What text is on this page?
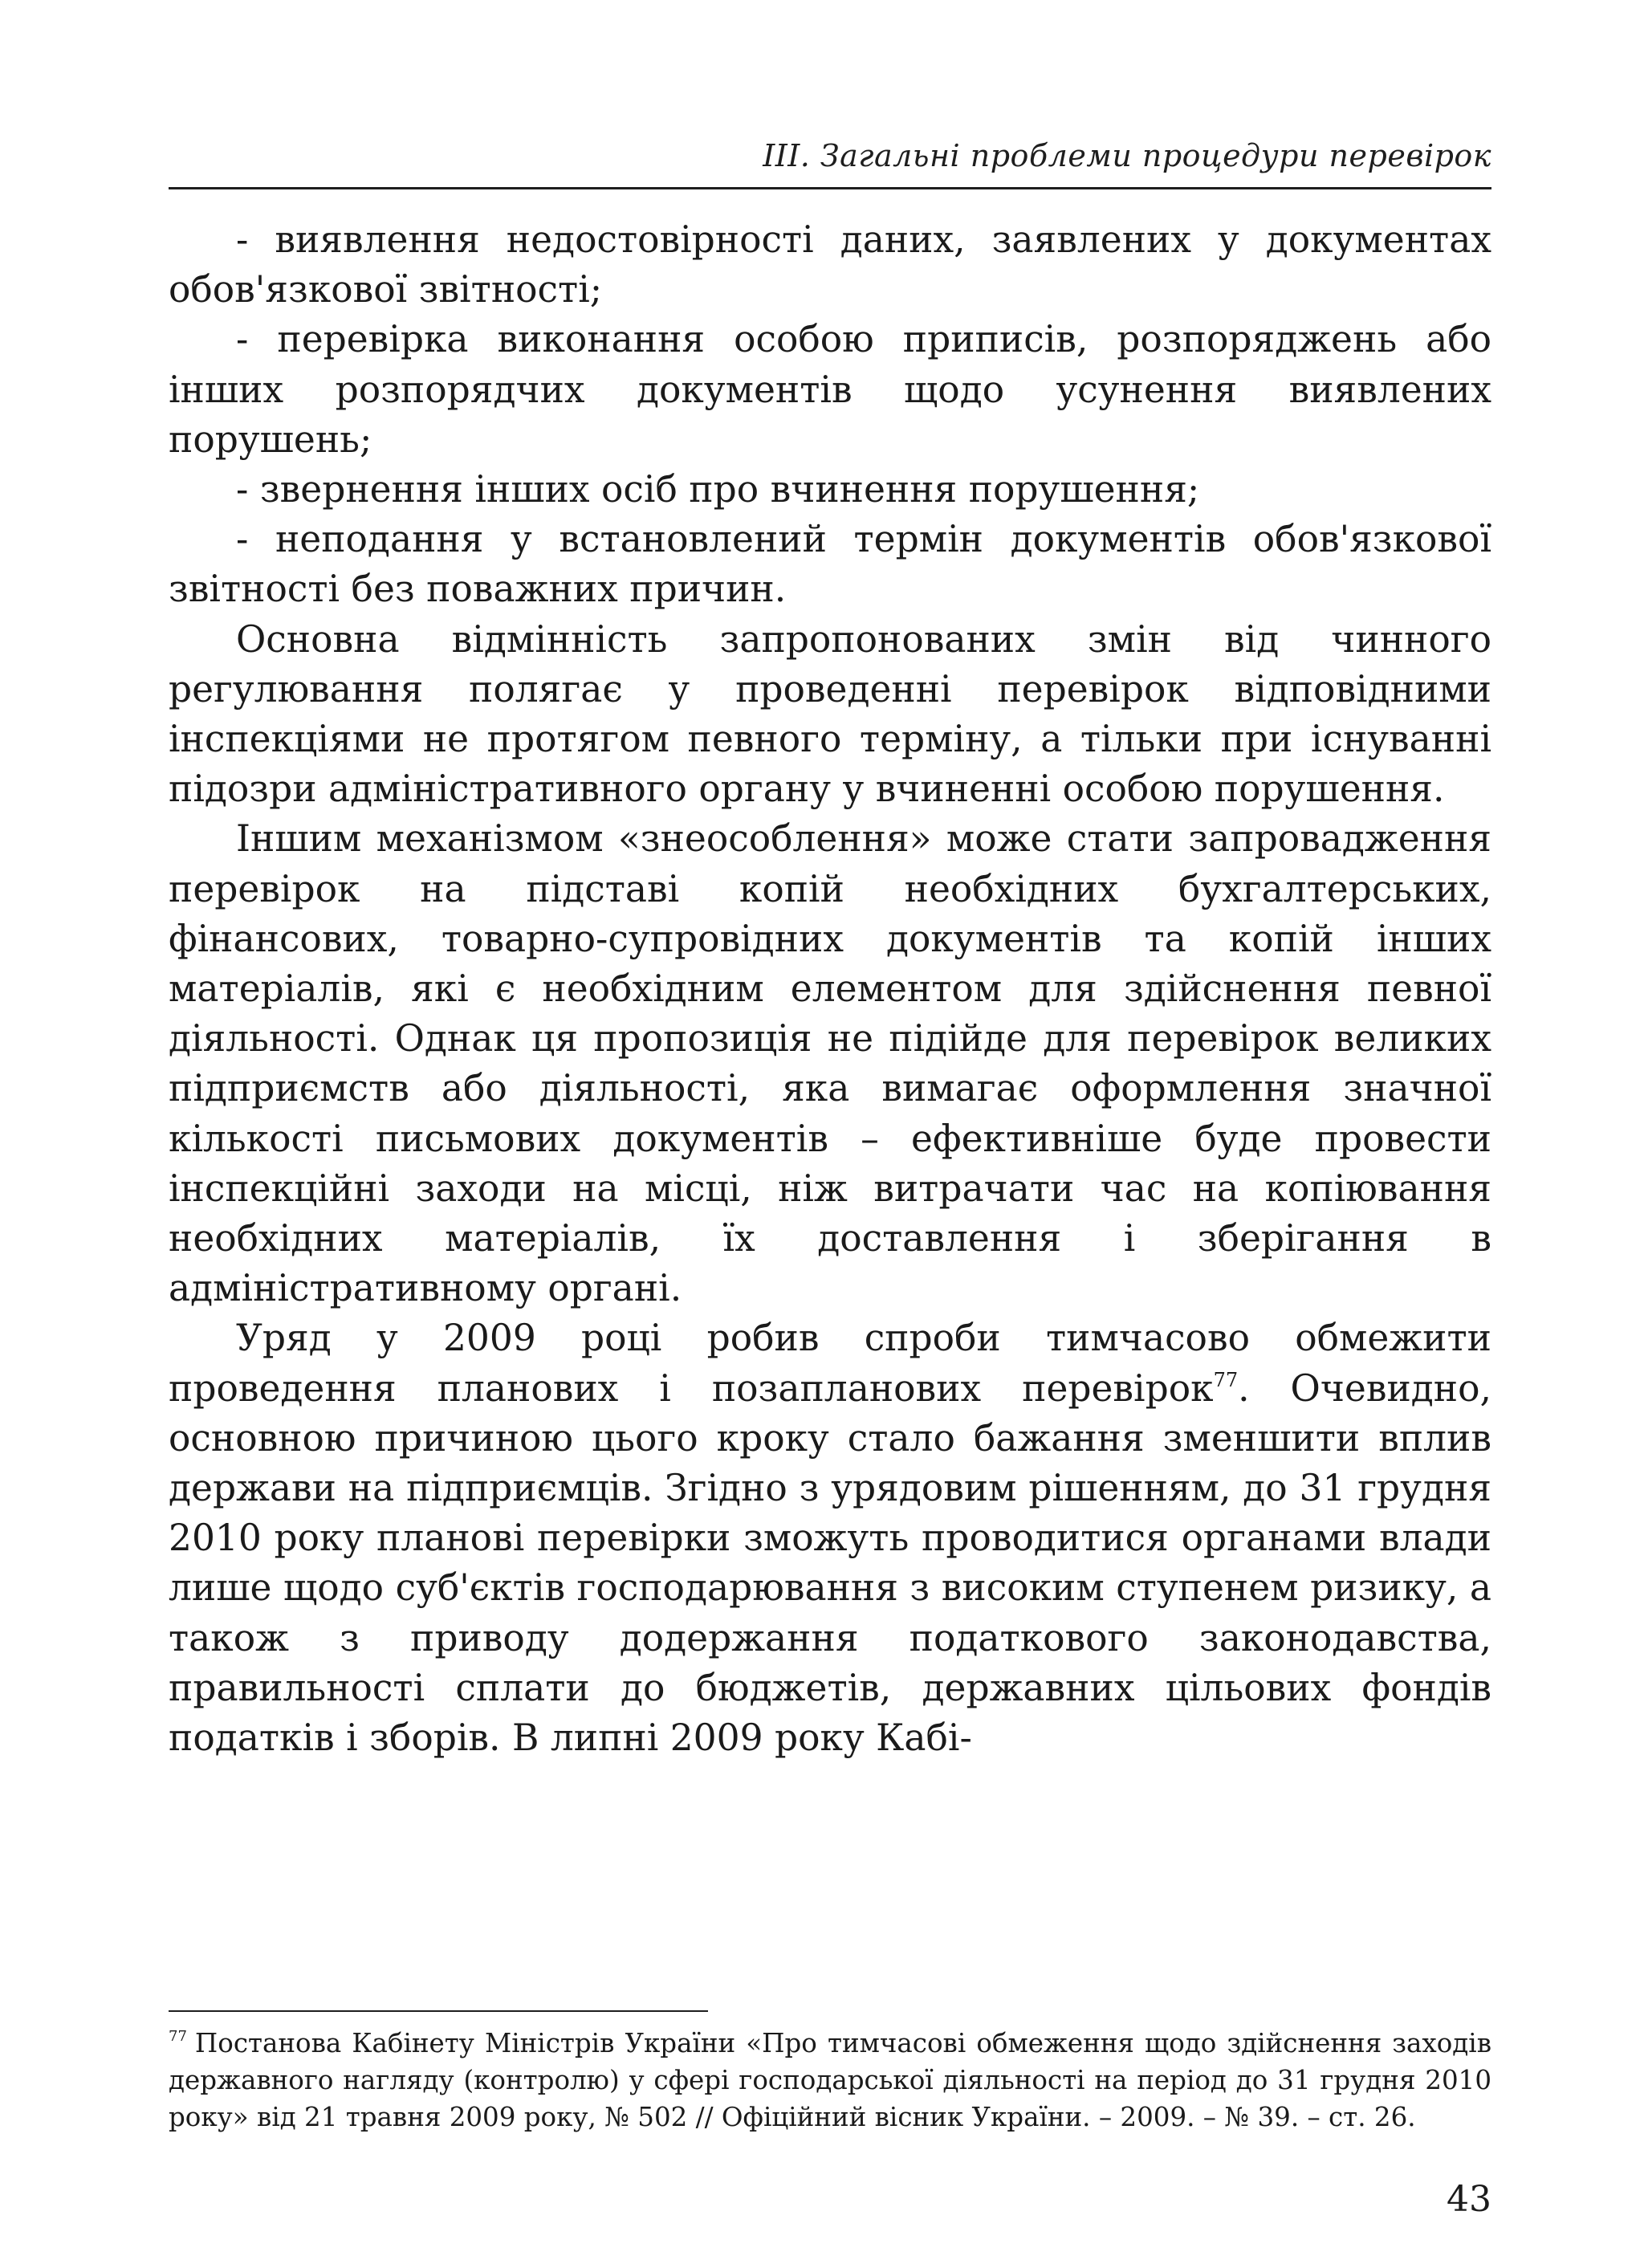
III. Загальні проблеми процедури перевірок

- виявлення недостовірності даних, заявлених у документах обов'язкової звітності;

- перевірка виконання особою приписів, розпоряджень або інших розпорядчих документів щодо усунення виявлених порушень;

- звернення інших осіб про вчинення порушення;

- неподання у встановлений термін документів обов'язкової звітності без поважних причин.

Основна відмінність запропонованих змін від чинного регулювання полягає у проведенні перевірок відповідними інспекціями не протягом певного терміну, а тільки при існуванні підозри адміністративного органу у вчиненні особою порушення.

Іншим механізмом «знеособлення» може стати запровадження перевірок на підставі копій необхідних бухгалтерських, фінансових, товарно-супровідних документів та копій інших матеріалів, які є необхідним елементом для здійснення певної діяльності. Однак ця пропозиція не підійде для перевірок великих підприємств або діяльності, яка вимагає оформлення значної кількості письмових документів – ефективніше буде провести інспекційні заходи на місці, ніж витрачати час на копіювання необхідних матеріалів, їх доставлення і зберігання в адміністративному органі.

Уряд у 2009 році робив спроби тимчасово обмежити проведення планових і позапланових перевірок$^{77}$. Очевидно, основною причиною цього кроку стало бажання зменшити вплив держави на підприємців. Згідно з урядовим рішенням, до 31 грудня 2010 року планові перевірки зможуть проводитися органами влади лише щодо суб'єктів господарювання з високим ступенем ризику, а також з приводу додержання податкового законодавства, правильності сплати до бюджетів, державних цільових фондів податків і зборів. В липні 2009 року Кабі-

$^{77}$ Постанова Кабінету Міністрів України «Про тимчасові обмеження щодо здійснення заходів державного нагляду (контролю) у сфері господарської діяльності на період до 31 грудня 2010 року» від 21 травня 2009 року, № 502 // Офіційний вісник України. – 2009. – № 39. – ст. 26.
43
